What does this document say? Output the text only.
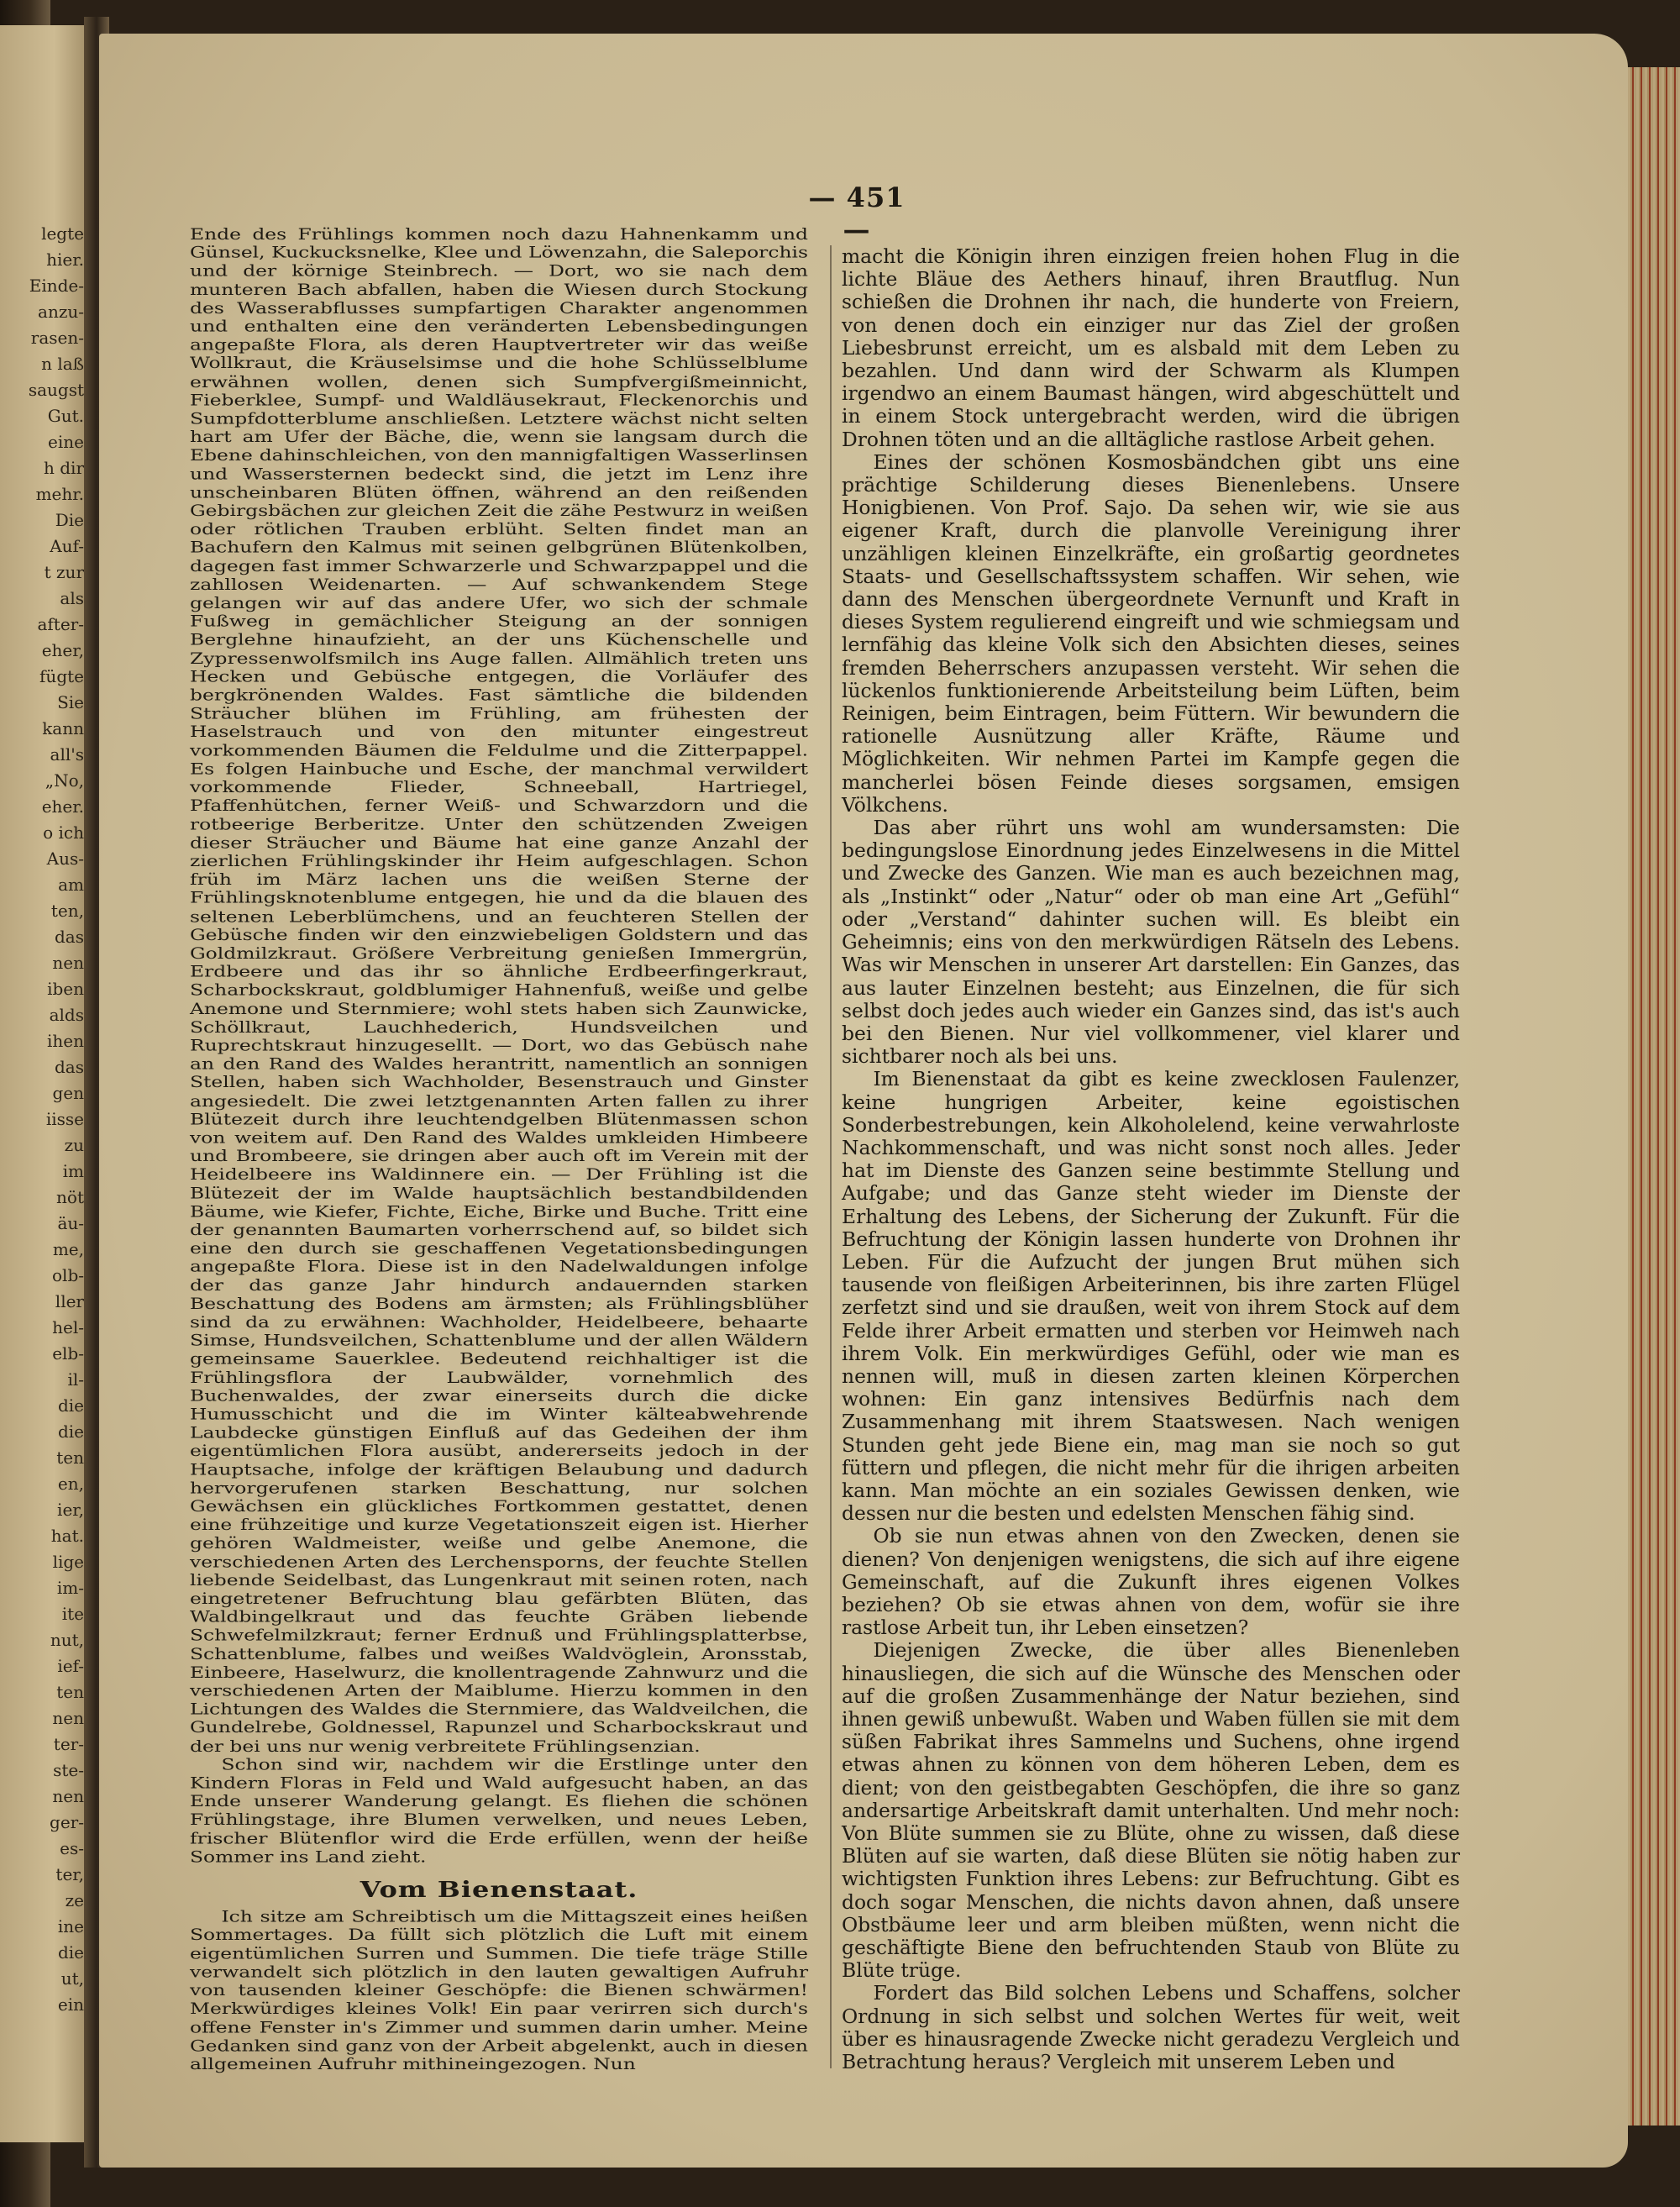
legte
hier.
Einde-
anzu-
rasen-
n laß
saugst
Gut.
eine
h dir
mehr.
Die
Auf-
t zur
als
after-
eher,
fügte
Sie
kann
all's
„No,
eher.
o ich
Aus-
am
ten,
das
nen
iben
alds
ihen
das
gen
iisse
zu
im
nöt
äu-
me,
olb-
ller
hel-
elb-
il-
die
die
ten
en,
ier,
hat.
lige
im-
ite
nut,
ief-
ten
nen
ter-
ste-
nen
ger-
es-
ter,
ze
ine
die
ut,
ein
— 451 —

Ende des Frühlings kommen noch dazu Hahnenkamm und Günsel, Kuckucksnelke, Klee und Löwenzahn, die Saleporchis und der körnige Steinbrech. — Dort, wo sie nach dem munteren Bach abfallen, haben die Wiesen durch Stockung des Wasserabflusses sumpfartigen Charakter angenommen und enthalten eine den veränderten Lebensbedingungen angepaßte Flora, als deren Hauptvertreter wir das weiße Wollkraut, die Kräuselsimse und die hohe Schlüsselblume erwähnen wollen, denen sich Sumpfvergißmeinnicht, Fieberklee, Sumpf- und Waldläusekraut, Fleckenorchis und Sumpfdotterblume anschließen. Letztere wächst nicht selten hart am Ufer der Bäche, die, wenn sie langsam durch die Ebene dahinschleichen, von den mannigfaltigen Wasserlinsen und Wassersternen bedeckt sind, die jetzt im Lenz ihre unscheinbaren Blüten öffnen, während an den reißenden Gebirgsbächen zur gleichen Zeit die zähe Pestwurz in weißen oder rötlichen Trauben erblüht. Selten findet man an Bachufern den Kalmus mit seinen gelbgrünen Blütenkolben, dagegen fast immer Schwarzerle und Schwarzpappel und die zahllosen Weidenarten. — Auf schwankendem Stege gelangen wir auf das andere Ufer, wo sich der schmale Fußweg in gemächlicher Steigung an der sonnigen Berglehne hinaufzieht, an der uns Küchenschelle und Zypressenwolfsmilch ins Auge fallen. Allmählich treten uns Hecken und Gebüsche entgegen, die Vorläufer des bergkrönenden Waldes. Fast sämtliche die bildenden Sträucher blühen im Frühling, am frühesten der Haselstrauch und von den mitunter eingestreut vorkommenden Bäumen die Feldulme und die Zitterpappel. Es folgen Hainbuche und Esche, der manchmal verwildert vorkommende Flieder, Schneeball, Hartriegel, Pfaffenhütchen, ferner Weiß- und Schwarzdorn und die rotbeerige Berberitze. Unter den schützenden Zweigen dieser Sträucher und Bäume hat eine ganze Anzahl der zierlichen Frühlingskinder ihr Heim aufgeschlagen. Schon früh im März lachen uns die weißen Sterne der Frühlingsknotenblume entgegen, hie und da die blauen des seltenen Leberblümchens, und an feuchteren Stellen der Gebüsche finden wir den einzwiebeligen Goldstern und das Goldmilzkraut. Größere Verbreitung genießen Immergrün, Erdbeere und das ihr so ähnliche Erdbeerfingerkraut, Scharbockskraut, goldblumiger Hahnenfuß, weiße und gelbe Anemone und Sternmiere; wohl stets haben sich Zaunwicke, Schöllkraut, Lauchhederich, Hundsveilchen und Ruprechtskraut hinzugesellt. — Dort, wo das Gebüsch nahe an den Rand des Waldes herantritt, namentlich an sonnigen Stellen, haben sich Wachholder, Besenstrauch und Ginster angesiedelt. Die zwei letztgenannten Arten fallen zu ihrer Blütezeit durch ihre leuchtendgelben Blütenmassen schon von weitem auf. Den Rand des Waldes umkleiden Himbeere und Brombeere, sie dringen aber auch oft im Verein mit der Heidelbeere ins Waldinnere ein. — Der Frühling ist die Blütezeit der im Walde hauptsächlich bestandbildenden Bäume, wie Kiefer, Fichte, Eiche, Birke und Buche. Tritt eine der genannten Baumarten vorherrschend auf, so bildet sich eine den durch sie geschaffenen Vegetationsbedingungen angepaßte Flora. Diese ist in den Nadelwaldungen infolge der das ganze Jahr hindurch andauernden starken Beschattung des Bodens am ärmsten; als Frühlingsblüher sind da zu erwähnen: Wachholder, Heidelbeere, behaarte Simse, Hundsveilchen, Schattenblume und der allen Wäldern gemeinsame Sauerklee. Bedeutend reichhaltiger ist die Frühlingsflora der Laubwälder, vornehmlich des Buchenwaldes, der zwar einerseits durch die dicke Humusschicht und die im Winter kälteabwehrende Laubdecke günstigen Einfluß auf das Gedeihen der ihm eigentümlichen Flora ausübt, andererseits jedoch in der Hauptsache, infolge der kräftigen Belaubung und dadurch hervorgerufenen starken Beschattung, nur solchen Gewächsen ein glückliches Fortkommen gestattet, denen eine frühzeitige und kurze Vegetationszeit eigen ist. Hierher gehören Waldmeister, weiße und gelbe Anemone, die verschiedenen Arten des Lerchensporns, der feuchte Stellen liebende Seidelbast, das Lungenkraut mit seinen roten, nach eingetretener Befruchtung blau gefärbten Blüten, das Waldbingelkraut und das feuchte Gräben liebende Schwefelmilzkraut; ferner Erdnuß und Frühlingsplatterbse, Schattenblume, falbes und weißes Waldvöglein, Aronsstab, Einbeere, Haselwurz, die knollentragende Zahnwurz und die verschiedenen Arten der Maiblume. Hierzu kommen in den Lichtungen des Waldes die Sternmiere, das Waldveilchen, die Gundelrebe, Goldnessel, Rapunzel und Scharbockskraut und der bei uns nur wenig verbreitete Frühlingsenzian.

Schon sind wir, nachdem wir die Erstlinge unter den Kindern Floras in Feld und Wald aufgesucht haben, an das Ende unserer Wanderung gelangt. Es fliehen die schönen Frühlingstage, ihre Blumen verwelken, und neues Leben, frischer Blütenflor wird die Erde erfüllen, wenn der heiße Sommer ins Land zieht.

Vom Bienenstaat.

Ich sitze am Schreibtisch um die Mittagszeit eines heißen Sommertages. Da füllt sich plötzlich die Luft mit einem eigentümlichen Surren und Summen. Die tiefe träge Stille verwandelt sich plötzlich in den lauten gewaltigen Aufruhr von tausenden kleiner Geschöpfe: die Bienen schwärmen! Merkwürdiges kleines Volk! Ein paar verirren sich durch's offene Fenster in's Zimmer und summen darin umher. Meine Gedanken sind ganz von der Arbeit abgelenkt, auch in diesen allgemeinen Aufruhr mithineingezogen. Nun

macht die Königin ihren einzigen freien hohen Flug in die lichte Bläue des Aethers hinauf, ihren Brautflug. Nun schießen die Drohnen ihr nach, die hunderte von Freiern, von denen doch ein einziger nur das Ziel der großen Liebesbrunst erreicht, um es alsbald mit dem Leben zu bezahlen. Und dann wird der Schwarm als Klumpen irgendwo an einem Baumast hängen, wird abgeschüttelt und in einem Stock untergebracht werden, wird die übrigen Drohnen töten und an die alltägliche rastlose Arbeit gehen.

Eines der schönen Kosmosbändchen gibt uns eine prächtige Schilderung dieses Bienenlebens. Unsere Honigbienen. Von Prof. Sajo. Da sehen wir, wie sie aus eigener Kraft, durch die planvolle Vereinigung ihrer unzähligen kleinen Einzelkräfte, ein großartig geordnetes Staats- und Gesellschaftssystem schaffen. Wir sehen, wie dann des Menschen übergeordnete Vernunft und Kraft in dieses System regulierend eingreift und wie schmiegsam und lernfähig das kleine Volk sich den Absichten dieses, seines fremden Beherrschers anzupassen versteht. Wir sehen die lückenlos funktionierende Arbeitsteilung beim Lüften, beim Reinigen, beim Eintragen, beim Füttern. Wir bewundern die rationelle Ausnützung aller Kräfte, Räume und Möglichkeiten. Wir nehmen Partei im Kampfe gegen die mancherlei bösen Feinde dieses sorgsamen, emsigen Völkchens.

Das aber rührt uns wohl am wundersamsten: Die bedingungslose Einordnung jedes Einzelwesens in die Mittel und Zwecke des Ganzen. Wie man es auch bezeichnen mag, als „Instinkt“ oder „Natur“ oder ob man eine Art „Gefühl“ oder „Verstand“ dahinter suchen will. Es bleibt ein Geheimnis; eins von den merkwürdigen Rätseln des Lebens. Was wir Menschen in unserer Art darstellen: Ein Ganzes, das aus lauter Einzelnen besteht; aus Einzelnen, die für sich selbst doch jedes auch wieder ein Ganzes sind, das ist's auch bei den Bienen. Nur viel vollkommener, viel klarer und sichtbarer noch als bei uns.

Im Bienenstaat da gibt es keine zwecklosen Faulenzer, keine hungrigen Arbeiter, keine egoistischen Sonderbestrebungen, kein Alkoholelend, keine verwahrloste Nachkommenschaft, und was nicht sonst noch alles. Jeder hat im Dienste des Ganzen seine bestimmte Stellung und Aufgabe; und das Ganze steht wieder im Dienste der Erhaltung des Lebens, der Sicherung der Zukunft. Für die Befruchtung der Königin lassen hunderte von Drohnen ihr Leben. Für die Aufzucht der jungen Brut mühen sich tausende von fleißigen Arbeiterinnen, bis ihre zarten Flügel zerfetzt sind und sie draußen, weit von ihrem Stock auf dem Felde ihrer Arbeit ermatten und sterben vor Heimweh nach ihrem Volk. Ein merkwürdiges Gefühl, oder wie man es nennen will, muß in diesen zarten kleinen Körperchen wohnen: Ein ganz intensives Bedürfnis nach dem Zusammenhang mit ihrem Staatswesen. Nach wenigen Stunden geht jede Biene ein, mag man sie noch so gut füttern und pflegen, die nicht mehr für die ihrigen arbeiten kann. Man möchte an ein soziales Gewissen denken, wie dessen nur die besten und edelsten Menschen fähig sind.

Ob sie nun etwas ahnen von den Zwecken, denen sie dienen? Von denjenigen wenigstens, die sich auf ihre eigene Gemeinschaft, auf die Zukunft ihres eigenen Volkes beziehen? Ob sie etwas ahnen von dem, wofür sie ihre rastlose Arbeit tun, ihr Leben einsetzen?

Diejenigen Zwecke, die über alles Bienenleben hinausliegen, die sich auf die Wünsche des Menschen oder auf die großen Zusammenhänge der Natur beziehen, sind ihnen gewiß unbewußt. Waben und Waben füllen sie mit dem süßen Fabrikat ihres Sammelns und Suchens, ohne irgend etwas ahnen zu können von dem höheren Leben, dem es dient; von den geistbegabten Geschöpfen, die ihre so ganz andersartige Arbeitskraft damit unterhalten. Und mehr noch: Von Blüte summen sie zu Blüte, ohne zu wissen, daß diese Blüten auf sie warten, daß diese Blüten sie nötig haben zur wichtigsten Funktion ihres Lebens: zur Befruchtung. Gibt es doch sogar Menschen, die nichts davon ahnen, daß unsere Obstbäume leer und arm bleiben müßten, wenn nicht die geschäftigte Biene den befruchtenden Staub von Blüte zu Blüte trüge.

Fordert das Bild solchen Lebens und Schaffens, solcher Ordnung in sich selbst und solchen Wertes für weit, weit über es hinausragende Zwecke nicht geradezu Vergleich und Betrachtung heraus? Vergleich mit unserem Leben und
